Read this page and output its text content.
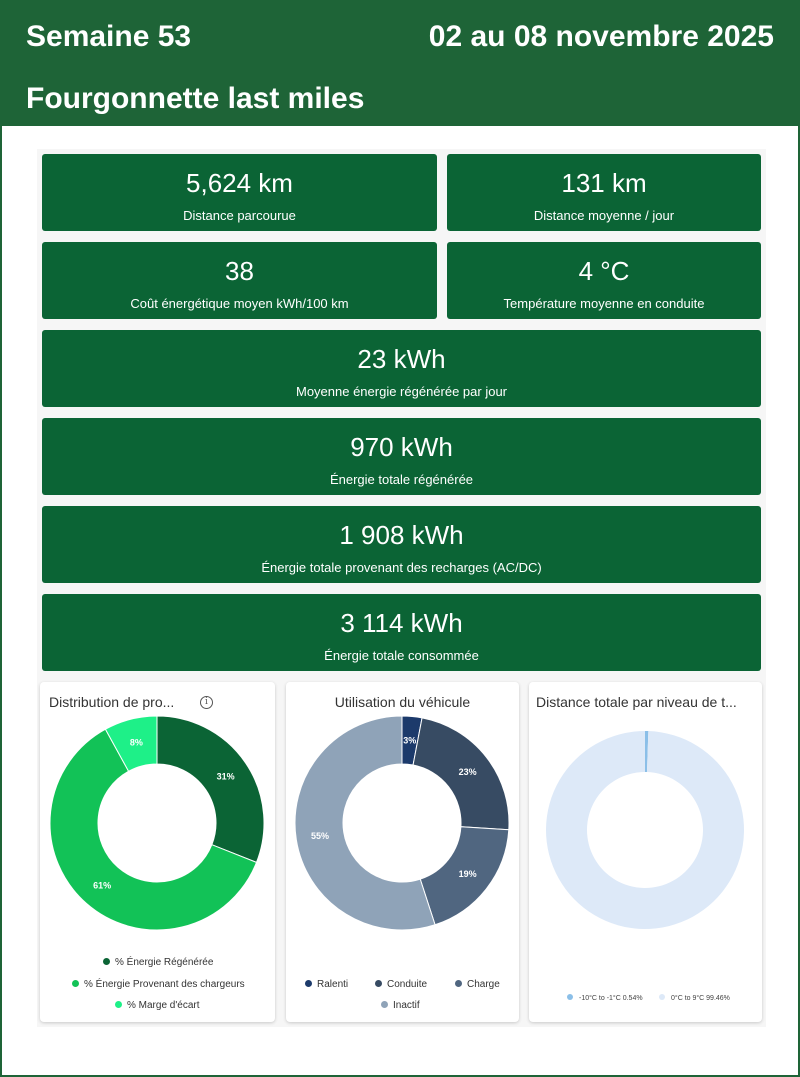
Semaine 53	02 au 08 novembre 2025
Fourgonnette last miles
5,624 km
Distance parcourue
131 km
Distance moyenne / jour
38
Coût énergétique moyen kWh/100 km
4 °C
Température moyenne en conduite
23 kWh
Moyenne énergie régénérée par jour
970 kWh
Énergie totale régénérée
1 908 kWh
Énergie totale provenant des recharges (AC/DC)
3 114 kWh
Énergie totale consommée
Distribution de pro...	i
31%
61%
8%
% Énergie Régénérée
% Énergie Provenant des chargeurs
% Marge d'écart
Utilisation du véhicule
3%
23%
19%
55%
Ralenti	Conduite	Charge
Inactif
Distance totale par niveau de t...
-10°C to -1°C 0.54%	0°C to 9°C 99.46%
